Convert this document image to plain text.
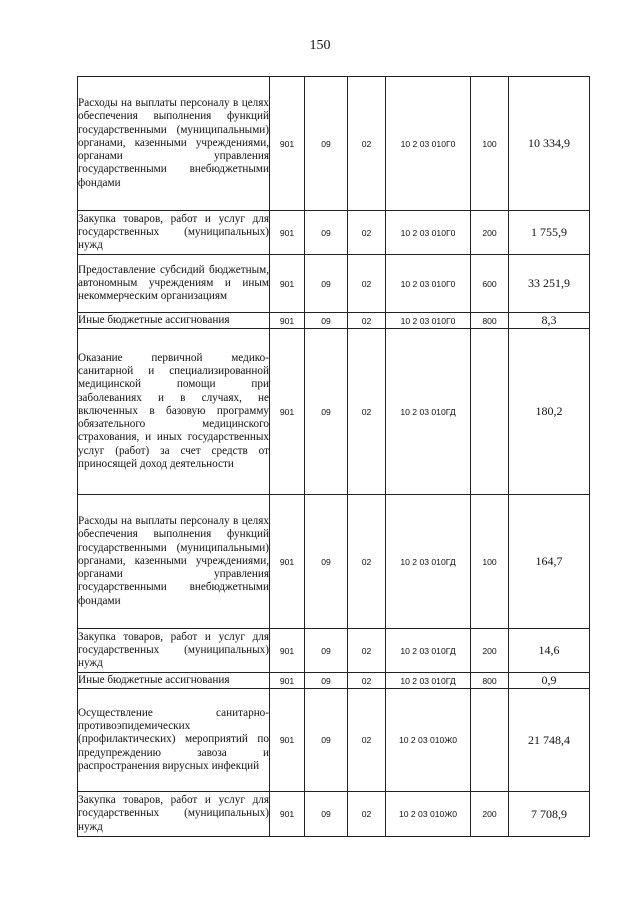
150
Расходы на выплаты персоналу в целях обеспечения выполнения функций государственными (муниципальными) органами, казенными учреждениями, органами управления государственными внебюджетными фондами	901	09	02	10 2 03 010Г0	100	10 334,9
Закупка товаров, работ и услуг для государственных (муниципальных) нужд	901	09	02	10 2 03 010Г0	200	1 755,9
Предоставление субсидий бюджетным, автономным учреждениям и иным некоммерческим организациям	901	09	02	10 2 03 010Г0	600	33 251,9
Иные бюджетные ассигнования	901	09	02	10 2 03 010Г0	800	8,3
Оказание первичной медико-санитарной и специализированной медицинской помощи при заболеваниях и в случаях, не включенных в базовую программу обязательного медицинского страхования, и иных государственных услуг (работ) за счет средств от приносящей доход деятельности	901	09	02	10 2 03 010ГД		180,2
Расходы на выплаты персоналу в целях обеспечения выполнения функций государственными (муниципальными) органами, казенными учреждениями, органами управления государственными внебюджетными фондами	901	09	02	10 2 03 010ГД	100	164,7
Закупка товаров, работ и услуг для государственных (муниципальных) нужд	901	09	02	10 2 03 010ГД	200	14,6
Иные бюджетные ассигнования	901	09	02	10 2 03 010ГД	800	0,9
Осуществление санитарно-противоэпидемических (профилактических) мероприятий по предупреждению завоза и распространения вирусных инфекций	901	09	02	10 2 03 010Ж0		21 748,4
Закупка товаров, работ и услуг для государственных (муниципальных) нужд	901	09	02	10 2 03 010Ж0	200	7 708,9
